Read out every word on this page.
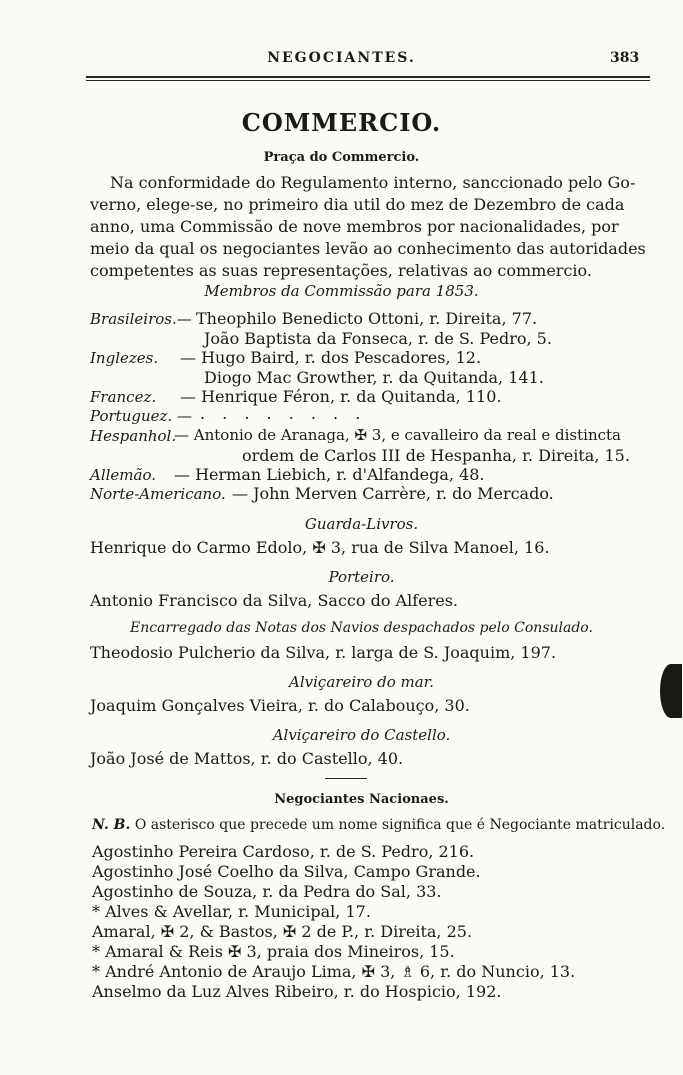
NEGOCIANTES.	383
COMMERCIO.
Praça do Commercio.

Na conformidade do Regulamento interno, sanccionado pelo Go-

verno, elege-se, no primeiro dia util do mez de Dezembro de cada

anno, uma Commissão de nove membros por nacionalidades, por

meio da qual os negociantes levão ao conhecimento das autoridades

competentes as suas representações, relativas ao commercio.

Membros da Commissão para 1853.
Brasileiros.— Theophilo Benedicto Ottoni, r. Direita, 77.
João Baptista da Fonseca, r. de S. Pedro, 5.
Inglezes. — Hugo Baird, r. dos Pescadores, 12.
Diogo Mac Growther, r. da Quitanda, 141.
Francez. — Henrique Féron, r. da Quitanda, 110.
Portuguez. — . . . . . . . .
Hespanhol.
— Antonio de Aranaga, ✠ 3, e cavalleiro da real e distincta
ordem de Carlos III de Hespanha, r. Direita, 15.
Allemão. — Herman Liebich, r. d'Alfandega, 48.
Norte-Americano. — John Merven Carrère, r. do Mercado.
Guarda-Livros.
Henrique do Carmo Edolo, ✠ 3, rua de Silva Manoel, 16.
Porteiro.
Antonio Francisco da Silva, Sacco do Alferes.
Encarregado das Notas dos Navios despachados pelo Consulado.
Theodosio Pulcherio da Silva, r. larga de S. Joaquim, 197.
Alviçareiro do mar.
Joaquim Gonçalves Vieira, r. do Calabouço, 30.
Alviçareiro do Castello.
João José de Mattos, r. do Castello, 40.
Negociantes Nacionaes.
N. B. O asterisco que precede um nome significa que é Negociante matriculado.
Agostinho Pereira Cardoso, r. de S. Pedro, 216.
Agostinho José Coelho da Silva, Campo Grande.
Agostinho de Souza, r. da Pedra do Sal, 33.
* Alves & Avellar, r. Municipal, 17.
Amaral, ✠ 2, & Bastos, ✠ 2 de P., r. Direita, 25.
* Amaral & Reis ✠ 3, praia dos Mineiros, 15.
* André Antonio de Araujo Lima, ✠ 3, ♗ 6, r. do Nuncio, 13.
Anselmo da Luz Alves Ribeiro, r. do Hospicio, 192.
